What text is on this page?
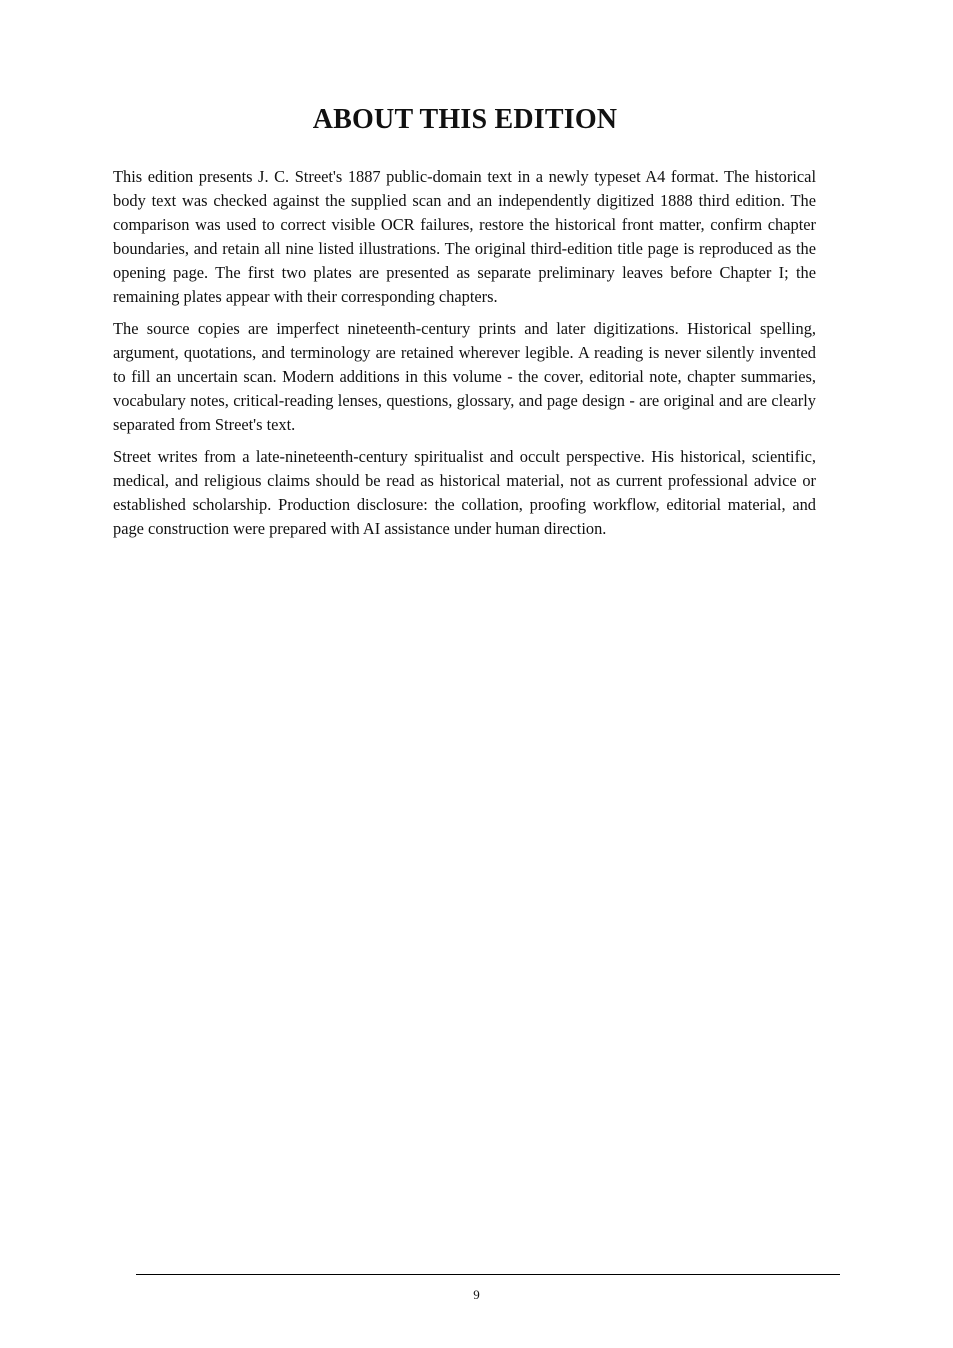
ABOUT THIS EDITION

This edition presents J. C. Street's 1887 public-domain text in a newly typeset A4 format. The historical body text was checked against the supplied scan and an independently digitized 1888 third edition. The comparison was used to correct visible OCR failures, restore the historical front matter, confirm chapter boundaries, and retain all nine listed illustrations. The original third-edition title page is reproduced as the opening page. The first two plates are presented as separate preliminary leaves before Chapter I; the remaining plates appear with their corresponding chapters.

The source copies are imperfect nineteenth-century prints and later digitizations. Historical spelling, argument, quotations, and terminology are retained wherever legible. A reading is never silently invented to fill an uncertain scan. Modern additions in this volume - the cover, editorial note, chapter summaries, vocabulary notes, critical-reading lenses, questions, glossary, and page design - are original and are clearly separated from Street's text.

Street writes from a late-nineteenth-century spiritualist and occult perspective. His historical, scientific, medical, and religious claims should be read as historical material, not as current professional advice or established scholarship. Production disclosure: the collation, proofing workflow, editorial material, and page construction were prepared with AI assistance under human direction.

9
